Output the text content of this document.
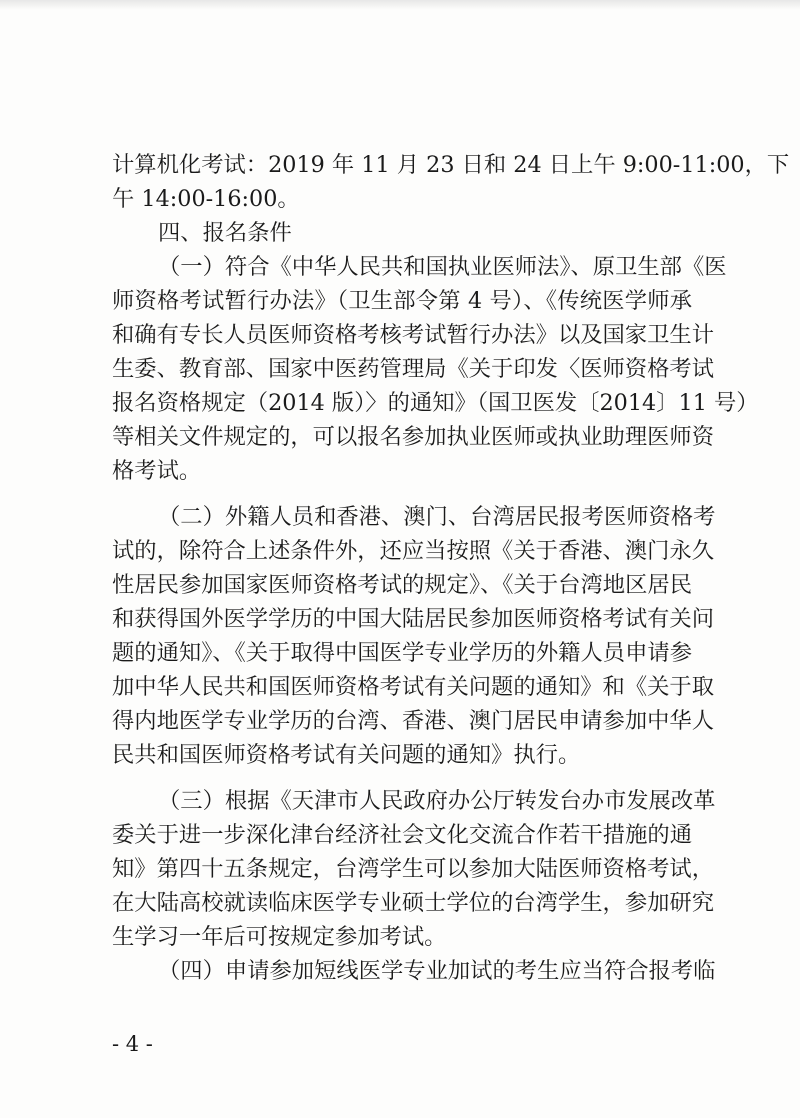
计算机化考试：2019 年 11 月 23 日和 24 日上午 9:00-11:00，下
午 14:00-16:00。
四、报名条件
（一）符合《中华人民共和国执业医师法》、原卫生部《医
师资格考试暂行办法》（卫生部令第 4 号）、《传统医学师承
和确有专长人员医师资格考核考试暂行办法》以及国家卫生计
生委、教育部、国家中医药管理局《关于印发〈医师资格考试
报名资格规定（2014 版）〉的通知》（国卫医发〔2014〕11 号）
等相关文件规定的，可以报名参加执业医师或执业助理医师资
格考试。
（二）外籍人员和香港、澳门、台湾居民报考医师资格考
试的，除符合上述条件外，还应当按照《关于香港、澳门永久
性居民参加国家医师资格考试的规定》、《关于台湾地区居民
和获得国外医学学历的中国大陆居民参加医师资格考试有关问
题的通知》、《关于取得中国医学专业学历的外籍人员申请参
加中华人民共和国医师资格考试有关问题的通知》和《关于取
得内地医学专业学历的台湾、香港、澳门居民申请参加中华人
民共和国医师资格考试有关问题的通知》执行。
（三）根据《天津市人民政府办公厅转发台办市发展改革
委关于进一步深化津台经济社会文化交流合作若干措施的通
知》第四十五条规定，台湾学生可以参加大陆医师资格考试，
在大陆高校就读临床医学专业硕士学位的台湾学生，参加研究
生学习一年后可按规定参加考试。
（四）申请参加短线医学专业加试的考生应当符合报考临
- 4 -
